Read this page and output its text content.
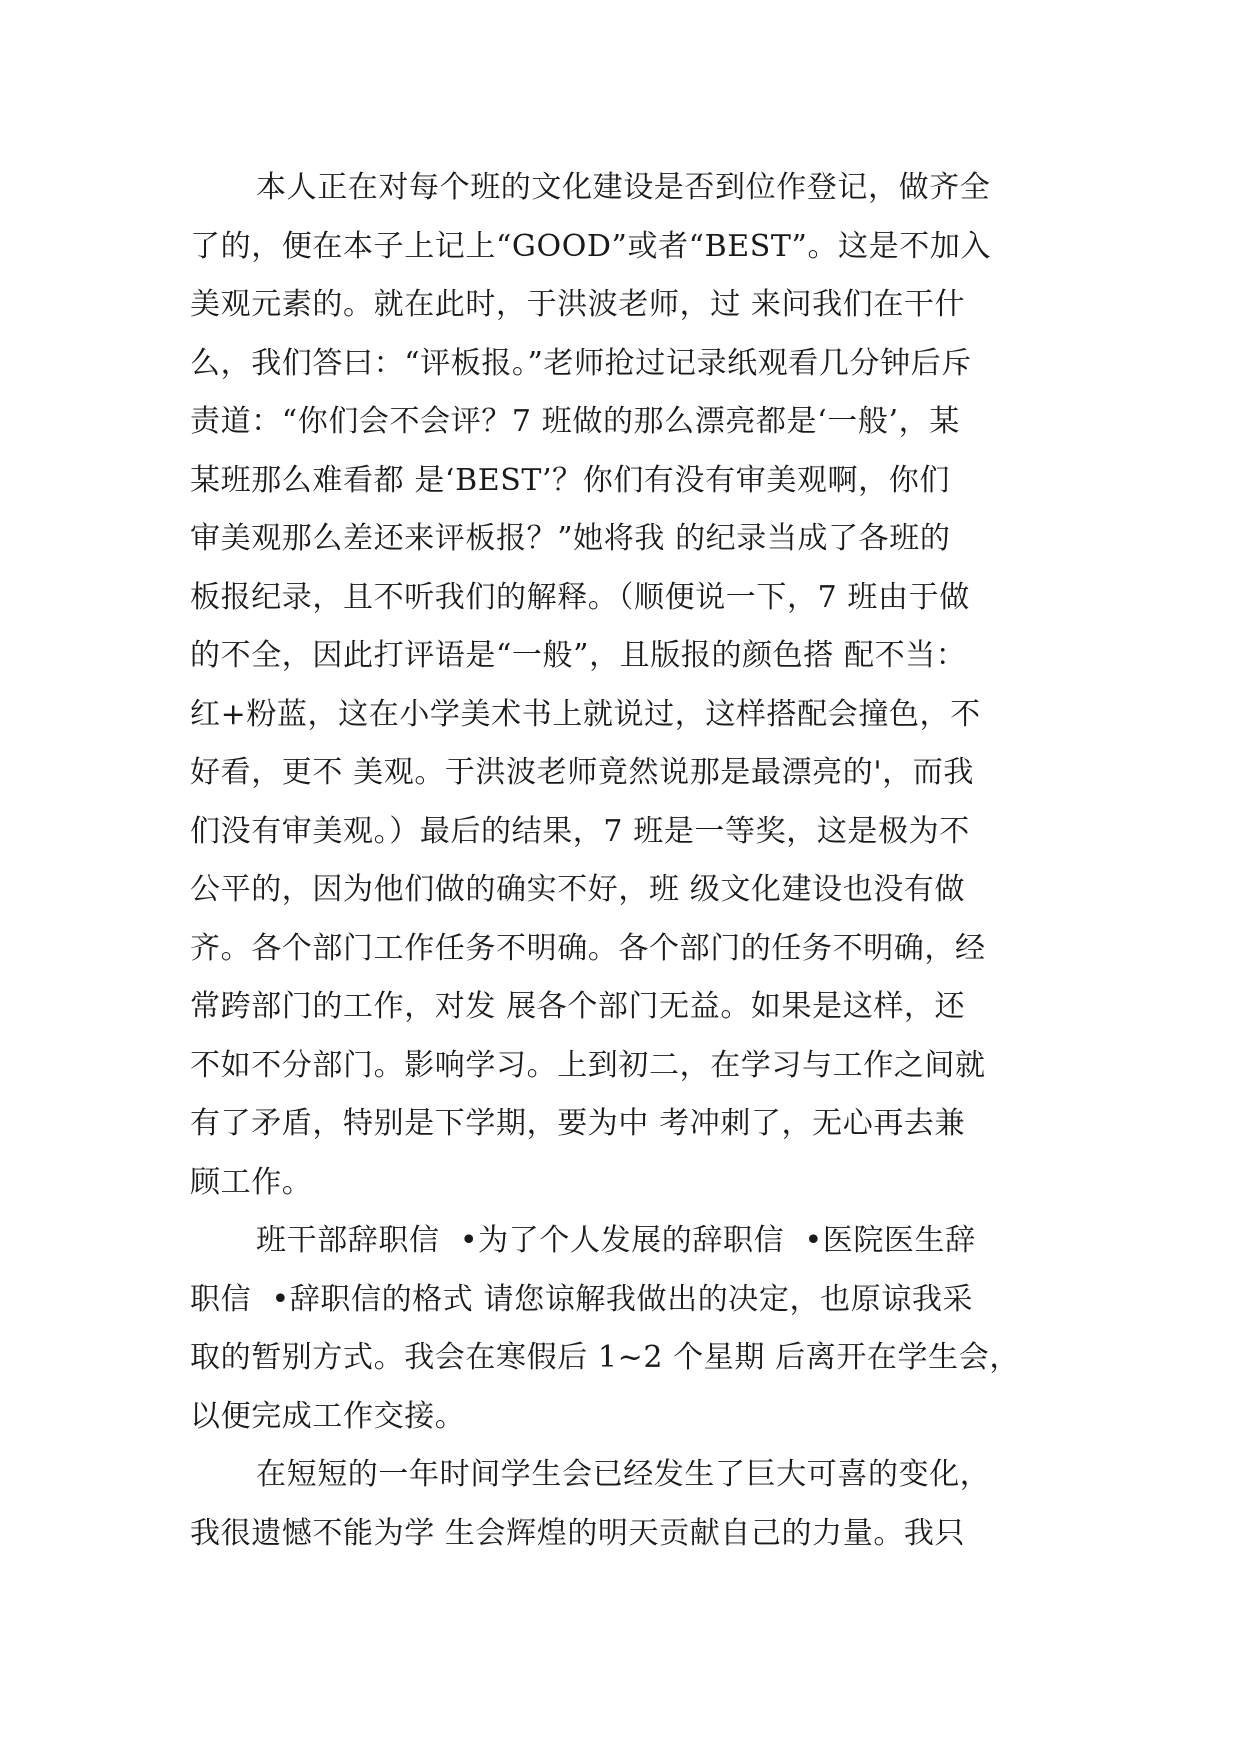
本人正在对每个班的文化建设是否到位作登记，做齐全
了的，便在本子上记上“GOOD”或者“BEST”。这是不加入
美观元素的。就在此时，于洪波老师，过 来问我们在干什
么，我们答曰：“评板报。”老师抢过记录纸观看几分钟后斥
责道：“你们会不会评？7 班做的那么漂亮都是‘一般’，某
某班那么难看都 是‘BEST’？你们有没有审美观啊，你们
审美观那么差还来评板报？”她将我 的纪录当成了各班的
板报纪录，且不听我们的解释。（顺便说一下，7 班由于做
的不全，因此打评语是“一般”，且版报的颜色搭 配不当：
红+粉蓝，这在小学美术书上就说过，这样搭配会撞色，不
好看，更不 美观。于洪波老师竟然说那是最漂亮的'，而我
们没有审美观。）最后的结果，7 班是一等奖，这是极为不
公平的，因为他们做的确实不好，班 级文化建设也没有做
齐。各个部门工作任务不明确。各个部门的任务不明确，经
常跨部门的工作，对发 展各个部门无益。如果是这样，还
不如不分部门。影响学习。上到初二，在学习与工作之间就
有了矛盾，特别是下学期，要为中 考冲刺了，无心再去兼
顾工作。
班干部辞职信  •为了个人发展的辞职信  •医院医生辞
职信  •辞职信的格式 请您谅解我做出的决定，也原谅我采
取的暂别方式。我会在寒假后 1~2 个星期 后离开在学生会，
以便完成工作交接。
在短短的一年时间学生会已经发生了巨大可喜的变化，
我很遗憾不能为学 生会辉煌的明天贡献自己的力量。我只
